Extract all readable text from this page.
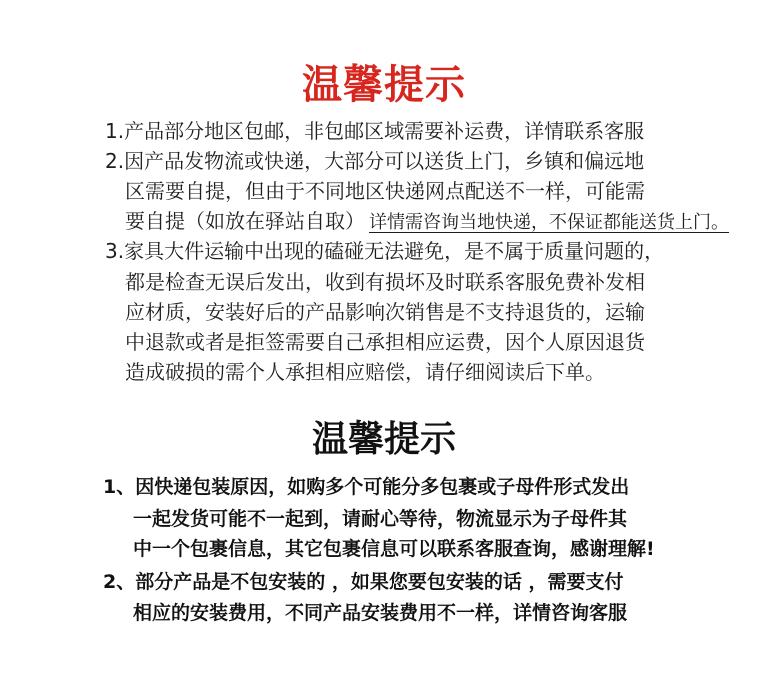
温馨提示
1.产品部分地区包邮，非包邮区域需要补运费，详情联系客服
2.因产品发物流或快递，大部分可以送货上门，乡镇和偏远地
区需要自提，但由于不同地区快递网点配送不一样，可能需
要自提（如放在驿站自取） 详情需咨询当地快递，不保证都能送货上门。
3.家具大件运输中出现的磕碰无法避免，是不属于质量问题的，
都是检查无误后发出，收到有损坏及时联系客服免费补发相
应材质，安装好后的产品影响次销售是不支持退货的，运输
中退款或者是拒签需要自己承担相应运费，因个人原因退货
造成破损的需个人承担相应赔偿，请仔细阅读后下单。
温馨提示
1、因快递包装原因，如购多个可能分多包裹或子母件形式发出
一起发货可能不一起到，请耐心等待，物流显示为子母件其
中一个包裹信息，其它包裹信息可以联系客服查询，感谢理解!
2、部分产品是不包安装的 ，如果您要包安装的话 ，需要支付
相应的安装费用，不同产品安装费用不一样，详情咨询客服
